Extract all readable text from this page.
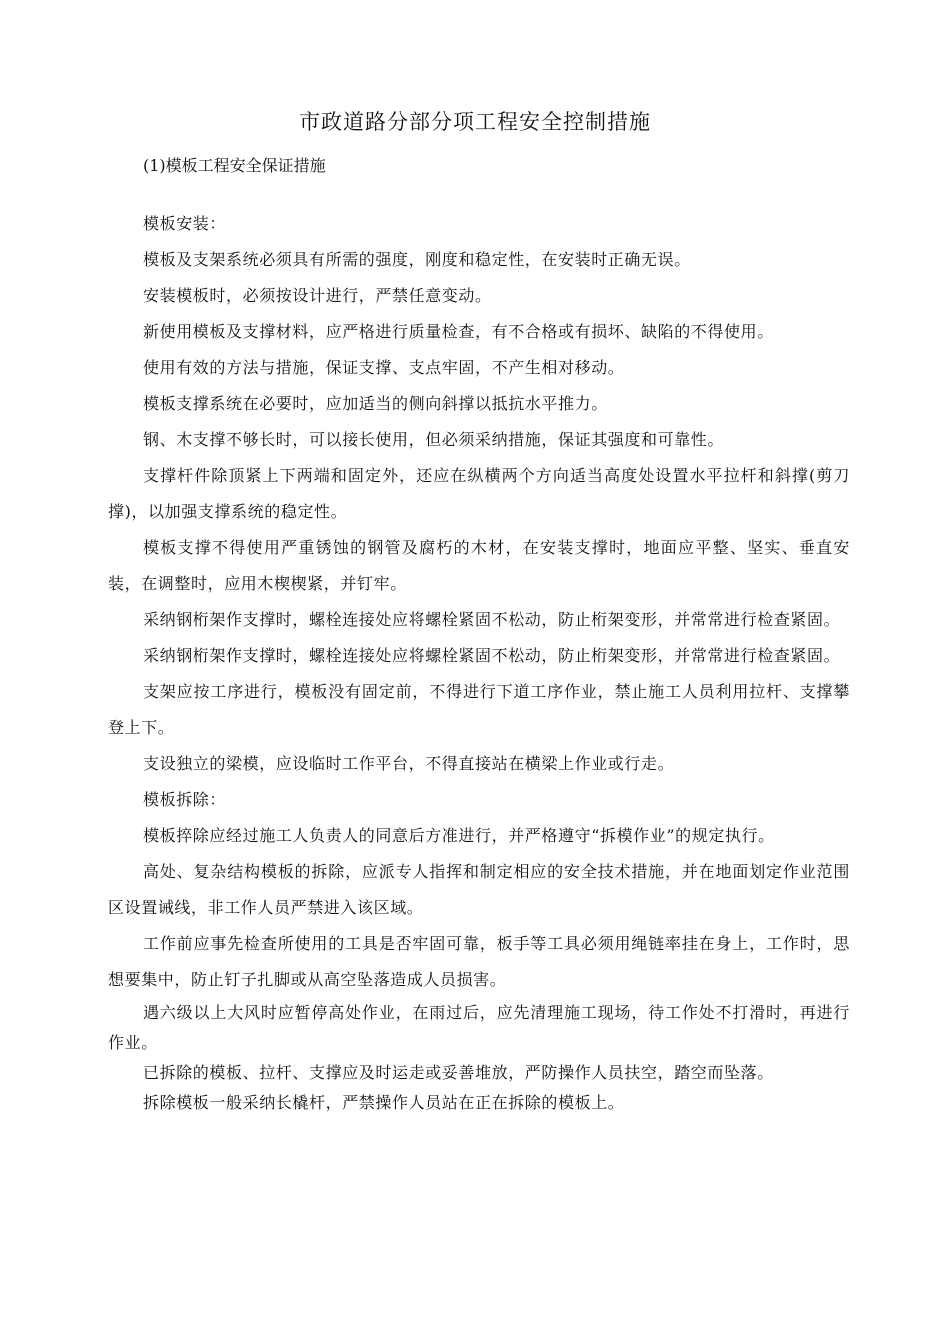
市政道路分部分项工程安全控制措施
(1)模板工程安全保证措施

模板安装：

模板及支架系统必须具有所需的强度，刚度和稳定性，在安装时正确无误。

安装模板时，必须按设计进行，严禁任意变动。

新使用模板及支撑材料，应严格进行质量检查，有不合格或有损坏、缺陷的不得使用。

使用有效的方法与措施，保证支撑、支点牢固，不产生相对移动。

模板支撑系统在必要时，应加适当的侧向斜撑以抵抗水平推力。

钢、木支撑不够长时，可以接长使用，但必须采纳措施，保证其强度和可靠性。

支撑杆件除顶紧上下两端和固定外，还应在纵横两个方向适当高度处设置水平拉杆和斜撑(剪刀撑)，以加强支撑系统的稳定性。

模板支撑不得使用严重锈蚀的钢管及腐朽的木材，在安装支撑时，地面应平整、坚实、垂直安装，在调整时，应用木楔楔紧，并钉牢。

采纳钢桁架作支撑时，螺栓连接处应将螺栓紧固不松动，防止桁架变形，并常常进行检查紧固。

采纳钢桁架作支撑时，螺栓连接处应将螺栓紧固不松动，防止桁架变形，并常常进行检查紧固。

支架应按工序进行，模板没有固定前，不得进行下道工序作业，禁止施工人员利用拉杆、支撑攀登上下。

支设独立的梁模，应设临时工作平台，不得直接站在横梁上作业或行走。

模板拆除：

模板捽除应经过施工人负责人的同意后方准进行，并严格遵守“拆模作业”的规定执行。

高处、复杂结构模板的拆除，应派专人指挥和制定相应的安全技术措施，并在地面划定作业范围区设置诫线，非工作人员严禁进入该区域。

工作前应事先检查所使用的工具是否牢固可靠，板手等工具必须用绳链率挂在身上，工作时，思想要集中，防止钉子扎脚或从高空坠落造成人员损害。

遇六级以上大风时应暂停高处作业，在雨过后，应先清理施工现场，待工作处不打滑时，再进行作业。

已拆除的模板、拉杆、支撑应及时运走或妥善堆放，严防操作人员扶空，踏空而坠落。

拆除模板一般采纳长橇杆，严禁操作人员站在正在拆除的模板上。
